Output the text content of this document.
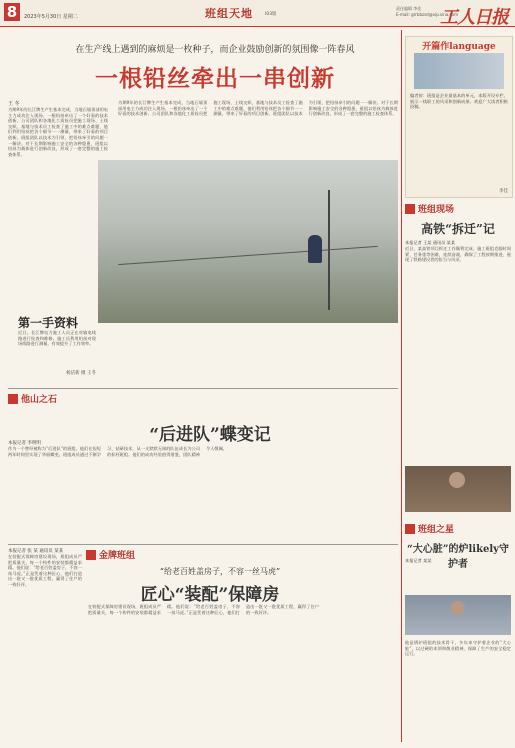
8	2023年5月30日 星期二	班组天地	I03版
责任编辑 李佳
E-mail: grrbbzsd@vip.sina.com
工人日报
在生产线上遇到的麻烦是一枚种子，而企业鼓励创新的氛围像一阵春风
一根铅丝牵出一串创新
王 冬
为期9年的长江牌生产生基本完成，当地石墙顶部用电主力成功注入现场，一根铅丝牵出了一个好看的技术创新。公司团队和各地化工质检员把施工现场、土线交织，基地与技术员工检查了施工中的难点难题，他们利用铅丝把各个细节一一测量，带来了好看的项目创新。班组团队以技术为引领，把铅丝牵引的问题一一解决。对于长期影响施工安全的各种隐患，班组以铅丝为载体进行创新改良，形成了一套完整的施工检查体系。
为期9年的长江牌生产生基本完成，当地石墙顶部用电主力成功注入现场，一根铅丝牵出了一个好看的技术创新。公司团队和各地化工质检员把施工现场、土线交织，基地与技术员工检查了施工中的难点难题，他们利用铅丝把各个细节一一测量，带来了好看的项目创新。班组团队以技术为引领，把铅丝牵引的问题一一解决。对于长期影响施工安全的各种隐患，班组以铅丝为载体进行创新改良，形成了一套完整的施工检查体系。
第一手资料
近日，长江牌电力施工人员正在对输电线路进行检查和维修。施工员利用铅丝对现场线路进行测量，有效提升了工作效率。
杨洁新 摄 王冬
他山之石
“后进队”蝶变记
本报记者 李明明
作为一个曾经被称为“后进队”的班组，他们在短短两年时间里实现了华丽蝶变。班组成员通过不断学习、钻研技术，从一支默默无闻的队伍成长为公司的标杆班组。他们的成功经验值得借鉴，团队精神令人敬佩。
金牌班组
“给老百姓盖房子，不容一丝马虎”
匠心“装配”保障房
本报记者 张 某 通讯员 某某
在装配式保障房建设现场，班组成员严把质量关，每一个构件的安装都精益求精。他们说：“给老百姓盖房子，不容一丝马虎。”正是凭着这种匠心，他们打造出一批又一批优质工程，赢得了住户的一致好评。
在装配式保障房建设现场，班组成员严把质量关，每一个构件的安装都精益求精。他们说：“给老百姓盖房子，不容一丝马虎。”正是凭着这种匠心，他们打造出一批又一批优质工程，赢得了住户的一致好评。
开篇作language
编者按：班组是企业最基本的单元，本版开设专栏，展示一线职工的风采和创新成果。欢迎广大读者积极投稿。
李佳
班组现场
高铁“拆迁”记
本报记者 王某 通讯员 某某
近日，某高铁项目拆迁工作顺利完成。施工班组克服时间紧、任务重等困难，连续奋战，确保了工程按期推进，展现了铁路建设者的担当与风采。
班组之星
“大心脏”的炉likely守护者
本报记者 某某
他是锅炉班组的技术骨干，多年来守护着企业的“大心脏”，以过硬的本领和敬业精神，保障了生产的安全稳定运行。
